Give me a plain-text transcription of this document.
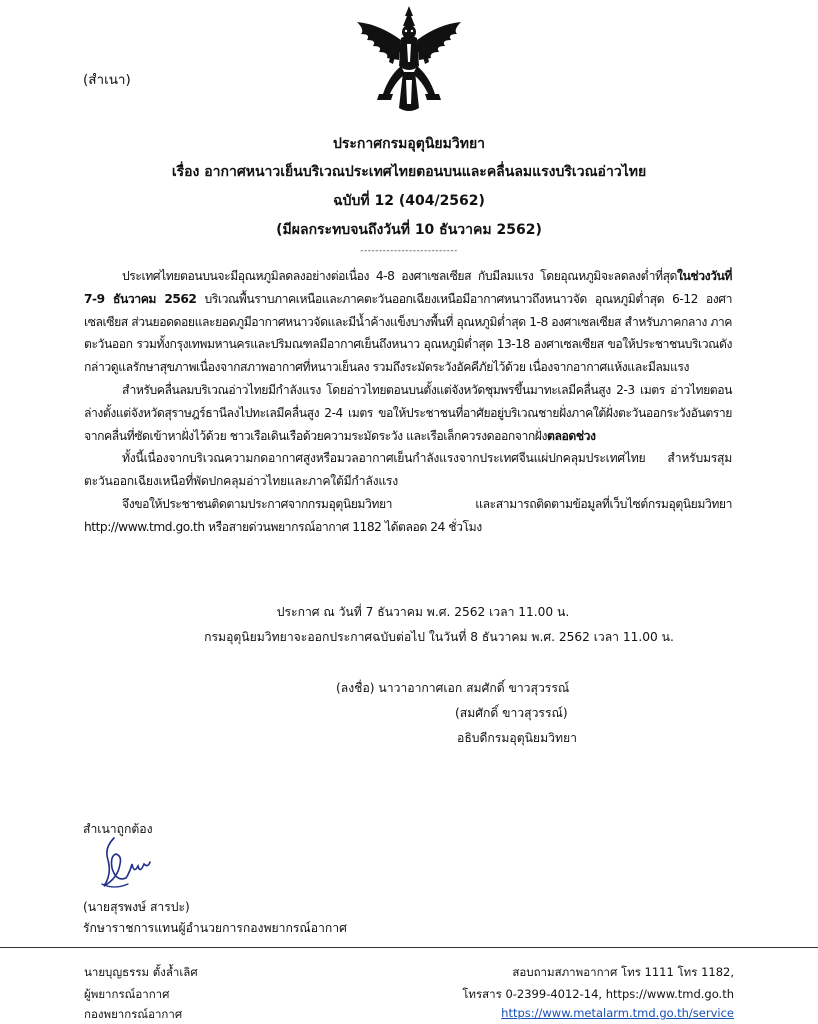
(สำเนา)
ประกาศกรมอุตุนิยมวิทยา
เรื่อง อากาศหนาวเย็นบริเวณประเทศไทยตอนบนและคลื่นลมแรงบริเวณอ่าวไทย
ฉบับที่ 12 (404/2562)
(มีผลกระทบจนถึงวันที่ 10 ธันวาคม 2562)
--------------------------

ประเทศไทยตอนบนจะมีอุณหภูมิลดลงอย่างต่อเนื่อง 4-8 องศาเซลเซียส กับมีลมแรง โดยอุณหภูมิจะลดลงต่ำที่สุดในช่วงวันที่ 7-9 ธันวาคม 2562 บริเวณพื้นราบภาคเหนือและภาคตะวันออกเฉียงเหนือมีอากาศหนาวถึงหนาวจัด อุณหภูมิต่ำสุด 6-12 องศาเซลเซียส ส่วนยอดดอยและยอดภูมีอากาศหนาวจัดและมีน้ำค้างแข็งบางพื้นที่ อุณหภูมิต่ำสุด 1-8 องศาเซลเซียส สำหรับภาคกลาง ภาคตะวันออก รวมทั้งกรุงเทพมหานครและปริมณฑลมีอากาศเย็นถึงหนาว อุณหภูมิต่ำสุด 13-18 องศาเซลเซียส ขอให้ประชาชนบริเวณดังกล่าวดูแลรักษาสุขภาพเนื่องจากสภาพอากาศที่หนาวเย็นลง รวมถึงระมัดระวังอัคคีภัยไว้ด้วย เนื่องจากอากาศแห้งและมีลมแรง

สำหรับคลื่นลมบริเวณอ่าวไทยมีกำลังแรง โดยอ่าวไทยตอนบนตั้งแต่จังหวัดชุมพรขึ้นมาทะเลมีคลื่นสูง 2-3 เมตร อ่าวไทยตอนล่างตั้งแต่จังหวัดสุราษฎร์ธานีลงไปทะเลมีคลื่นสูง 2-4 เมตร ขอให้ประชาชนที่อาศัยอยู่บริเวณชายฝั่งภาคใต้ฝั่งตะวันออกระวังอันตรายจากคลื่นที่ซัดเข้าหาฝั่งไว้ด้วย ชาวเรือเดินเรือด้วยความระมัดระวัง และเรือเล็กควรงดออกจากฝั่งตลอดช่วง

ทั้งนี้เนื่องจากบริเวณความกดอากาศสูงหรือมวลอากาศเย็นกำลังแรงจากประเทศจีนแผ่ปกคลุมประเทศไทย สำหรับมรสุมตะวันออกเฉียงเหนือที่พัดปกคลุมอ่าวไทยและภาคใต้มีกำลังแรง

จึงขอให้ประชาชนติดตามประกาศจากกรมอุตุนิยมวิทยา และสามารถติดตามข้อมูลที่เว็บไซต์กรมอุตุนิยมวิทยา http://www.tmd.go.th หรือสายด่วนพยากรณ์อากาศ 1182 ได้ตลอด 24 ชั่วโมง

ประกาศ ณ วันที่ 7 ธันวาคม พ.ศ. 2562 เวลา 11.00 น.
กรมอุตุนิยมวิทยาจะออกประกาศฉบับต่อไป ในวันที่ 8 ธันวาคม พ.ศ. 2562 เวลา 11.00 น.
(ลงชื่อ) นาวาอากาศเอก สมศักดิ์ ขาวสุวรรณ์
(สมศักดิ์ ขาวสุวรรณ์)
อธิบดีกรมอุตุนิยมวิทยา
สำเนาถูกต้อง
(นายสุรพงษ์ สารปะ)
รักษาราชการแทนผู้อำนวยการกองพยากรณ์อากาศ
นายบุญธรรม ตั้งล้ำเลิศ
ผู้พยากรณ์อากาศ
กองพยากรณ์อากาศ
สอบถามสภาพอากาศ โทร 1111 โทร 1182,
โทรสาร 0-2399-4012-14, https://www.tmd.go.th
https://www.metalarm.tmd.go.th/service
